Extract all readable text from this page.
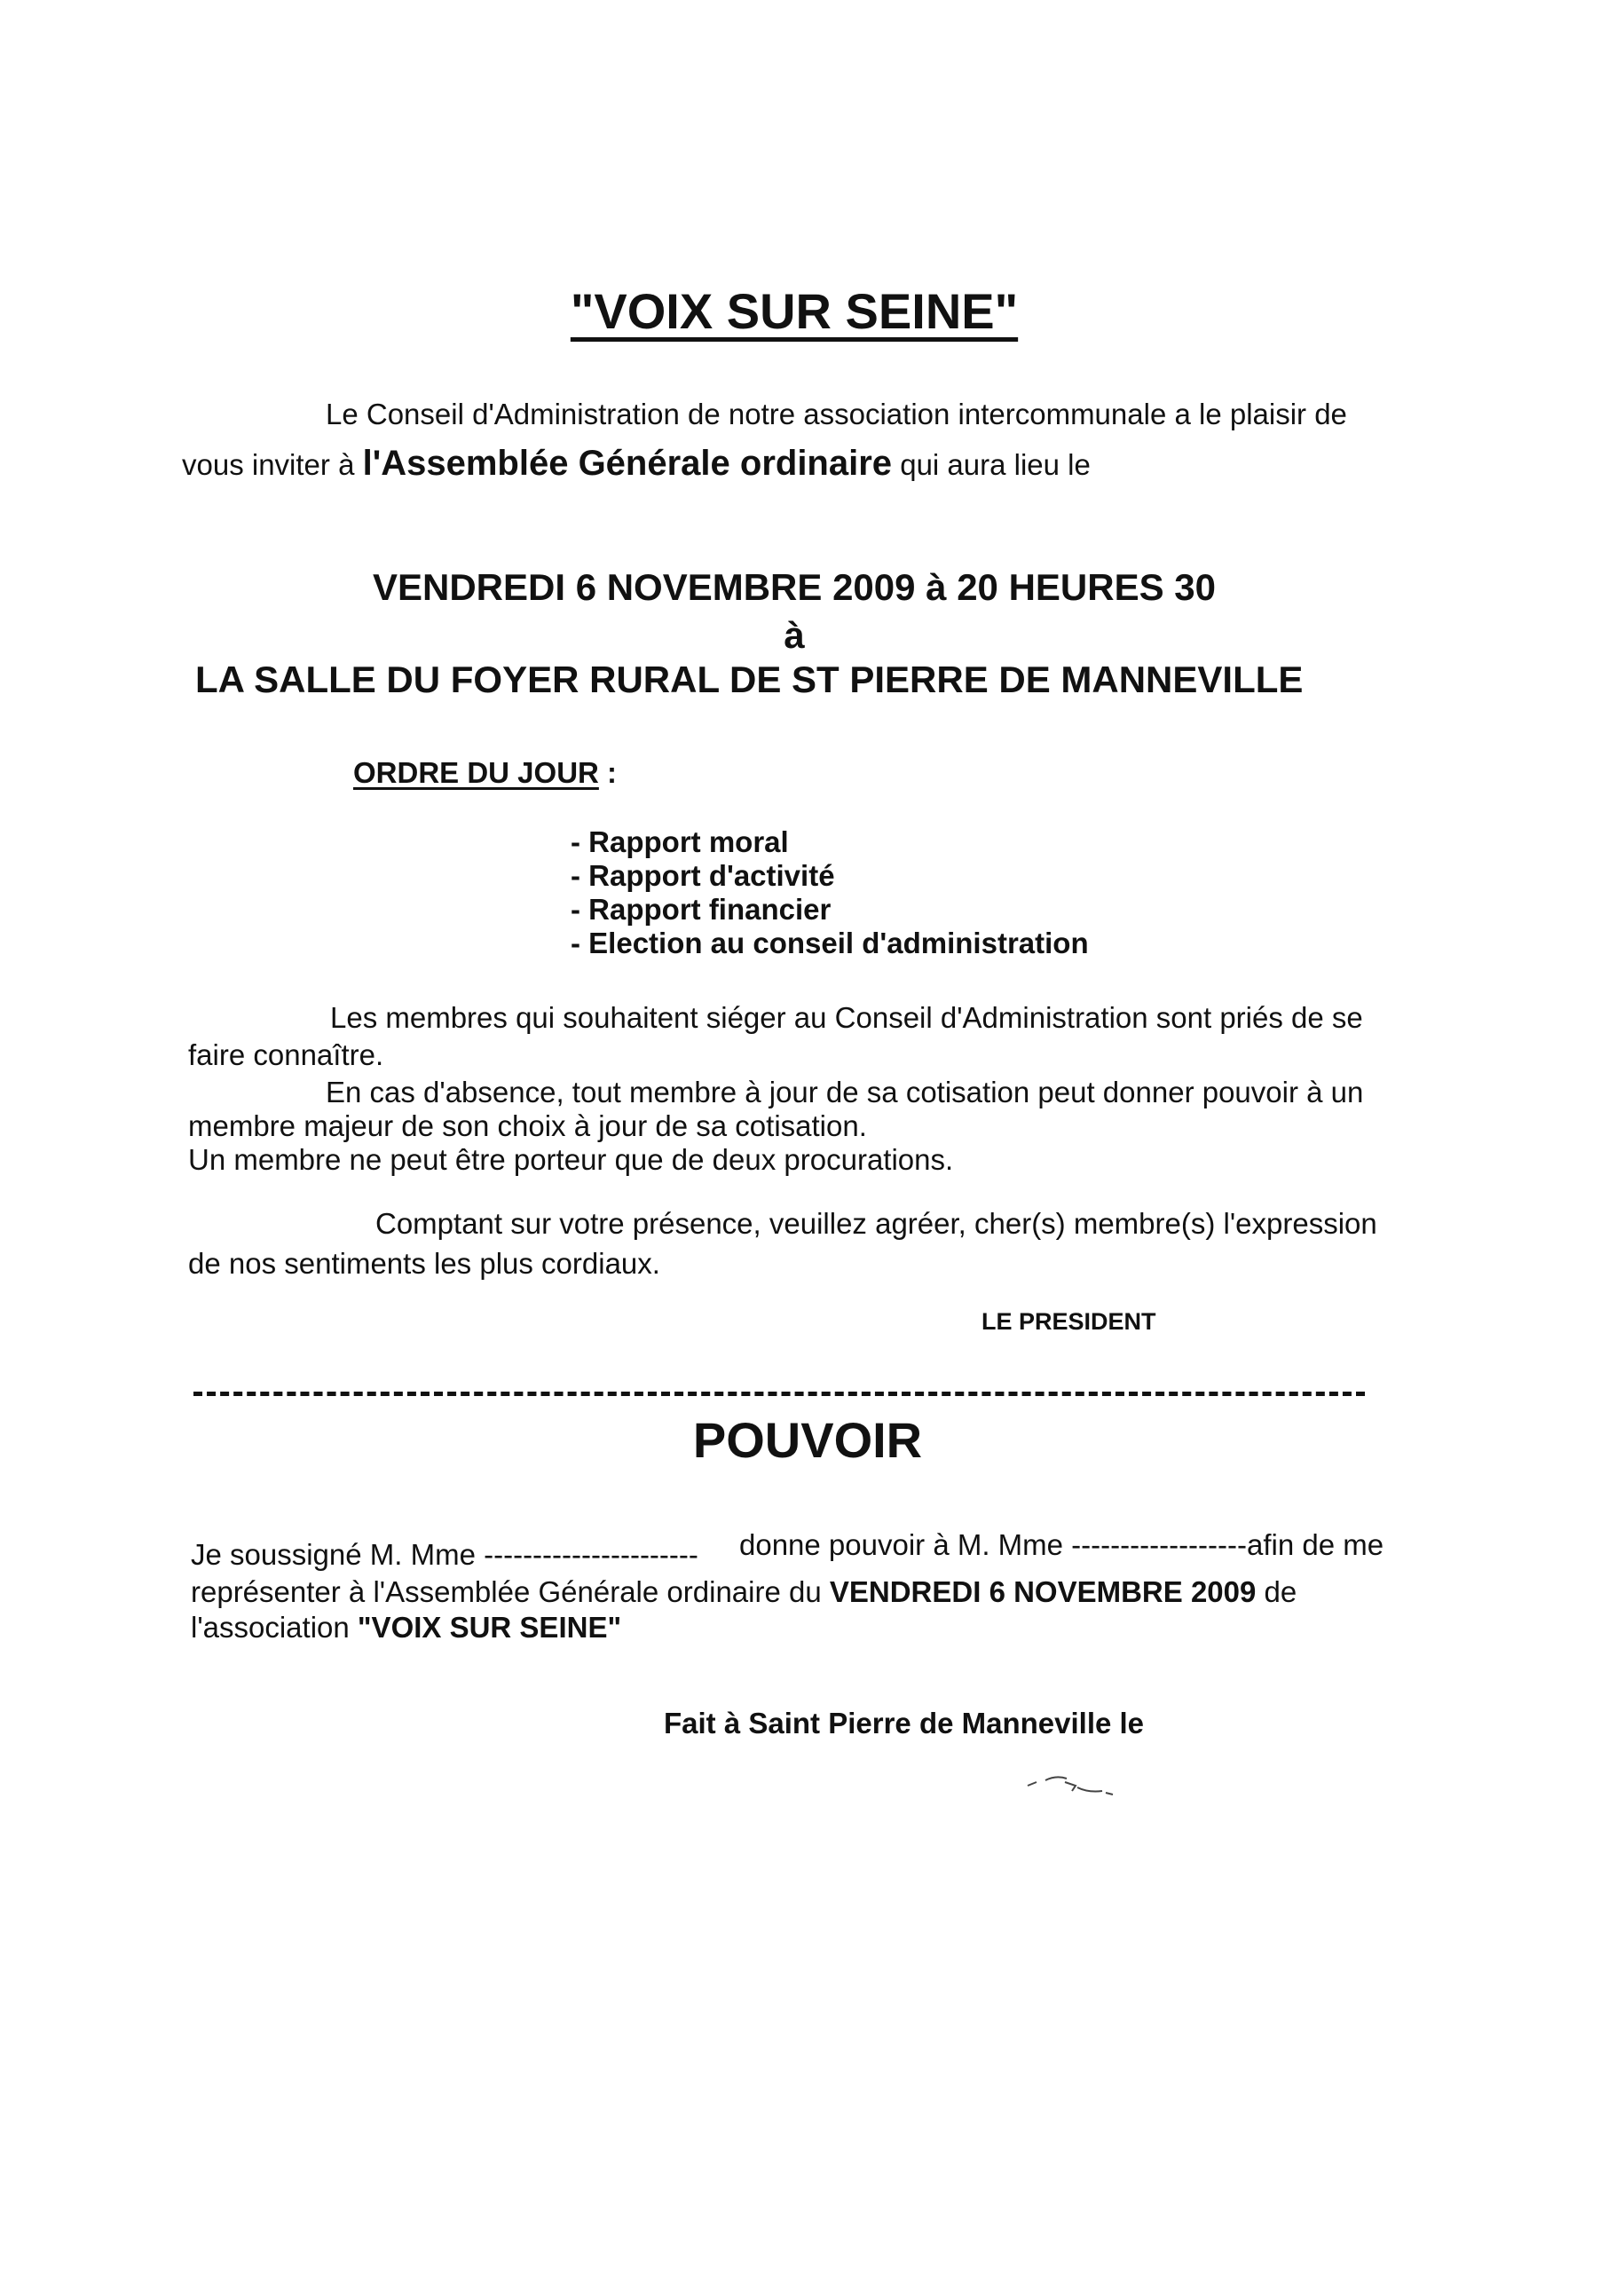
"VOIX SUR SEINE"
Le Conseil d'Administration de notre association intercommunale a le plaisir de
vous inviter à l'Assemblée Générale ordinaire qui aura lieu le
VENDREDI 6 NOVEMBRE 2009 à 20 HEURES 30
à
LA SALLE DU FOYER RURAL DE ST PIERRE DE MANNEVILLE
ORDRE DU JOUR :
- Rapport moral
- Rapport d'activité
- Rapport financier
- Election au conseil d'administration
Les membres qui souhaitent siéger au Conseil d'Administration sont priés de se
faire connaître.
En cas d'absence, tout membre à jour de sa cotisation peut donner pouvoir à un
membre majeur de son choix à jour de sa cotisation.
Un membre ne peut être porteur que de deux procurations.
Comptant sur votre présence, veuillez agréer, cher(s) membre(s) l'expression
de nos sentiments les plus cordiaux.
LE PRESIDENT
POUVOIR
Je soussigné M. Mme ---------------------- donne pouvoir à M. Mme ------------------afin de me
représenter à l'Assemblée Générale ordinaire du VENDREDI 6 NOVEMBRE 2009 de
l'association "VOIX SUR SEINE"
Fait à Saint Pierre de Manneville le
